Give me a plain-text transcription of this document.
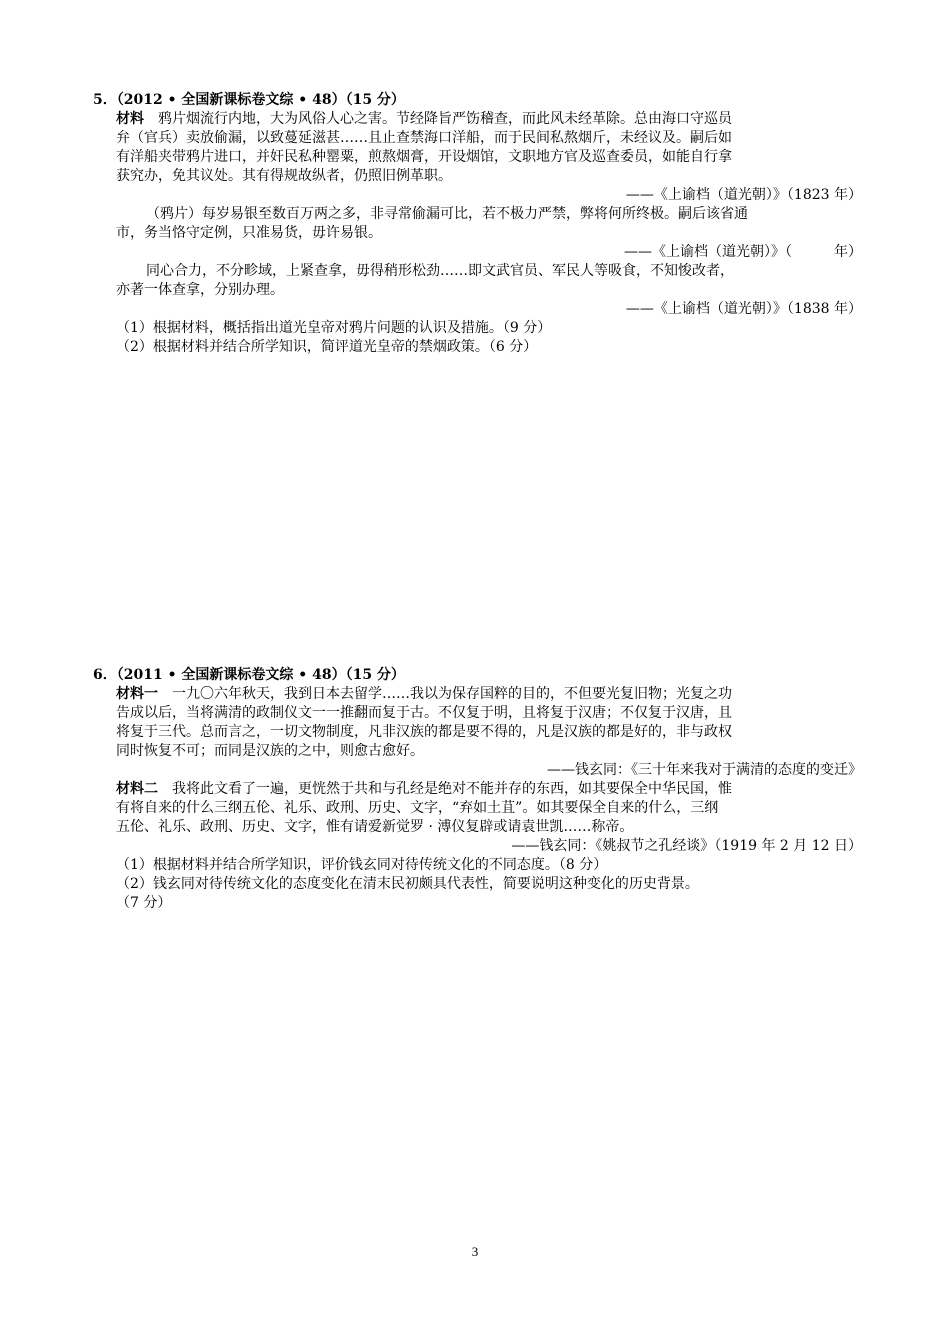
5．（2012 • 全国新课标卷文综 • 48）（15 分）
材料　鸦片烟流行内地，大为风俗人心之害。节经降旨严饬稽查，而此风未经革除。总由海口守巡员
弁（官兵）卖放偷漏，以致蔓延滋甚……且止查禁海口洋船，而于民间私熬烟斤，未经议及。嗣后如
有洋船夹带鸦片进口，并奸民私种罂粟，煎熬烟膏，开设烟馆，文职地方官及巡查委员，如能自行拿
获究办，免其议处。其有得规故纵者，仍照旧例革职。
——《上谕档（道光朝）》（1823 年）
（鸦片）每岁易银至数百万两之多，非寻常偷漏可比，若不极力严禁，弊将何所终极。嗣后该省通
市，务当恪守定例，只准易货，毋许易银。
——《上谕档（道光朝）》（　　　年）
同心合力，不分畛域，上紧查拿，毋得稍形松劲……即文武官员、军民人等吸食，不知悛改者，
亦著一体查拿，分别办理。
——《上谕档（道光朝）》（1838 年）
（1）根据材料，概括指出道光皇帝对鸦片问题的认识及措施。（9 分）
（2）根据材料并结合所学知识，简评道光皇帝的禁烟政策。（6 分）
6．（2011 • 全国新课标卷文综 • 48）（15 分）
材料一　一九〇六年秋天，我到日本去留学……我以为保存国粹的目的，不但要光复旧物；光复之功
告成以后，当将满清的政制仪文一一推翻而复于古。不仅复于明，且将复于汉唐；不仅复于汉唐，且
将复于三代。总而言之，一切文物制度，凡非汉族的都是要不得的，凡是汉族的都是好的，非与政权
同时恢复不可；而同是汉族的之中，则愈古愈好。
——钱玄同：《三十年来我对于满清的态度的变迁》
材料二　我将此文看了一遍，更恍然于共和与孔经是绝对不能并存的东西，如其要保全中华民国，惟
有将自来的什么三纲五伦、礼乐、政刑、历史、文字，“弃如土苴”。如其要保全自来的什么，三纲
五伦、礼乐、政刑、历史、文字，惟有请爱新觉罗 · 溥仪复辟或请袁世凯……称帝。
——钱玄同：《姚叔节之孔经谈》（1919 年 2 月 12 日）
（1）根据材料并结合所学知识，评价钱玄同对待传统文化的不同态度。（8 分）
（2）钱玄同对待传统文化的态度变化在清末民初颇具代表性，简要说明这种变化的历史背景。
（7 分）
3
